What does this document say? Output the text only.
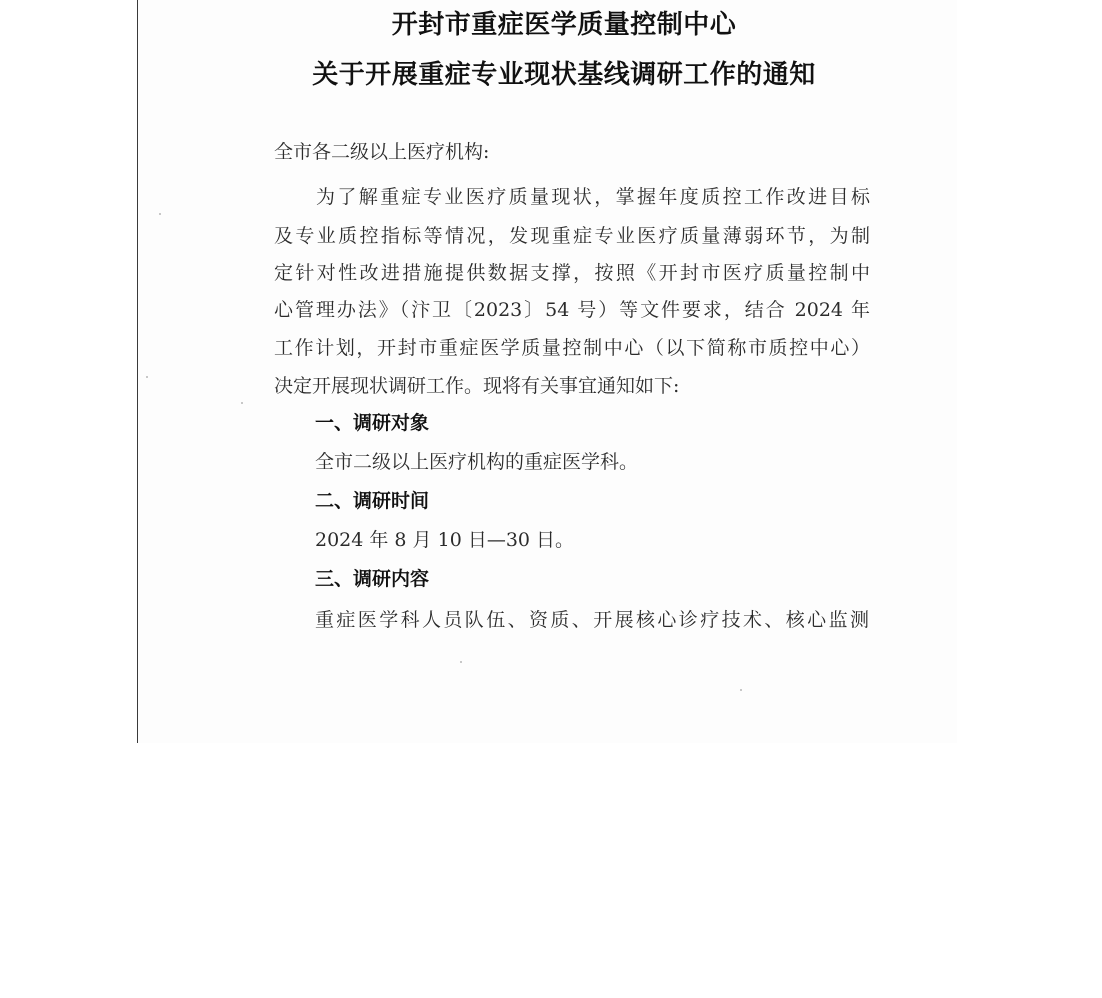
开封市重症医学质量控制中心
关于开展重症专业现状基线调研工作的通知
全市各二级以上医疗机构:
为了解重症专业医疗质量现状，掌握年度质控工作改进目标
及专业质控指标等情况，发现重症专业医疗质量薄弱环节，为制
定针对性改进措施提供数据支撑，按照《开封市医疗质量控制中
心管理办法》（汴卫〔2023〕54 号）等文件要求，结合 2024 年
工作计划，开封市重症医学质量控制中心（以下简称市质控中心）
决定开展现状调研工作。现将有关事宜通知如下:
一、调研对象
全市二级以上医疗机构的重症医学科。
二、调研时间
2024 年 8 月 10 日—30 日。
三、调研内容
重症医学科人员队伍、资质、开展核心诊疗技术、核心监测
